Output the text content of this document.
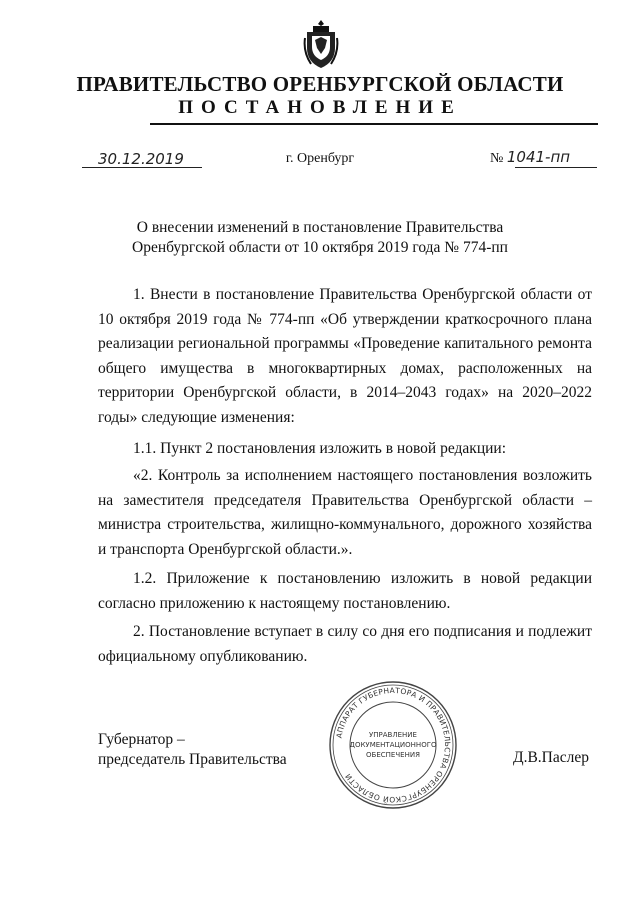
ПРАВИТЕЛЬСТВО ОРЕНБУРГСКОЙ ОБЛАСТИ
ПОСТАНОВЛЕНИЕ
30.12.2019	г. Оренбург	№ 1041-пп
О внесении изменений в постановление Правительства
Оренбургской области от 10 октября 2019 года № 774-пп

1. Внести в постановление Правительства Оренбургской области от 10 октября 2019 года № 774-пп «Об утверждении краткосрочного плана реализации региональной программы «Проведение капитального ремонта общего имущества в многоквартирных домах, расположенных на территории Оренбургской области, в 2014–2043 годах» на 2020–2022 годы» следующие изменения:

1.1. Пункт 2 постановления изложить в новой редакции:

«2. Контроль за исполнением настоящего постановления возложить на заместителя председателя Правительства Оренбургской области – министра строительства, жилищно-коммунального, дорожного хозяйства и транспорта Оренбургской области.».

1.2. Приложение к постановлению изложить в новой редакции согласно приложению к настоящему постановлению.

2. Постановление вступает в силу со дня его подписания и подлежит официальному опубликованию.

Губернатор –
председатель Правительства	Д.В.Паслер
АППАРАТ ГУБЕРНАТОРА И ПРАВИТЕЛЬСТВА ОРЕНБУРГСКОЙ ОБЛАСТИ
УПРАВЛЕНИЕ
ДОКУМЕНТАЦИОННОГО
ОБЕСПЕЧЕНИЯ
